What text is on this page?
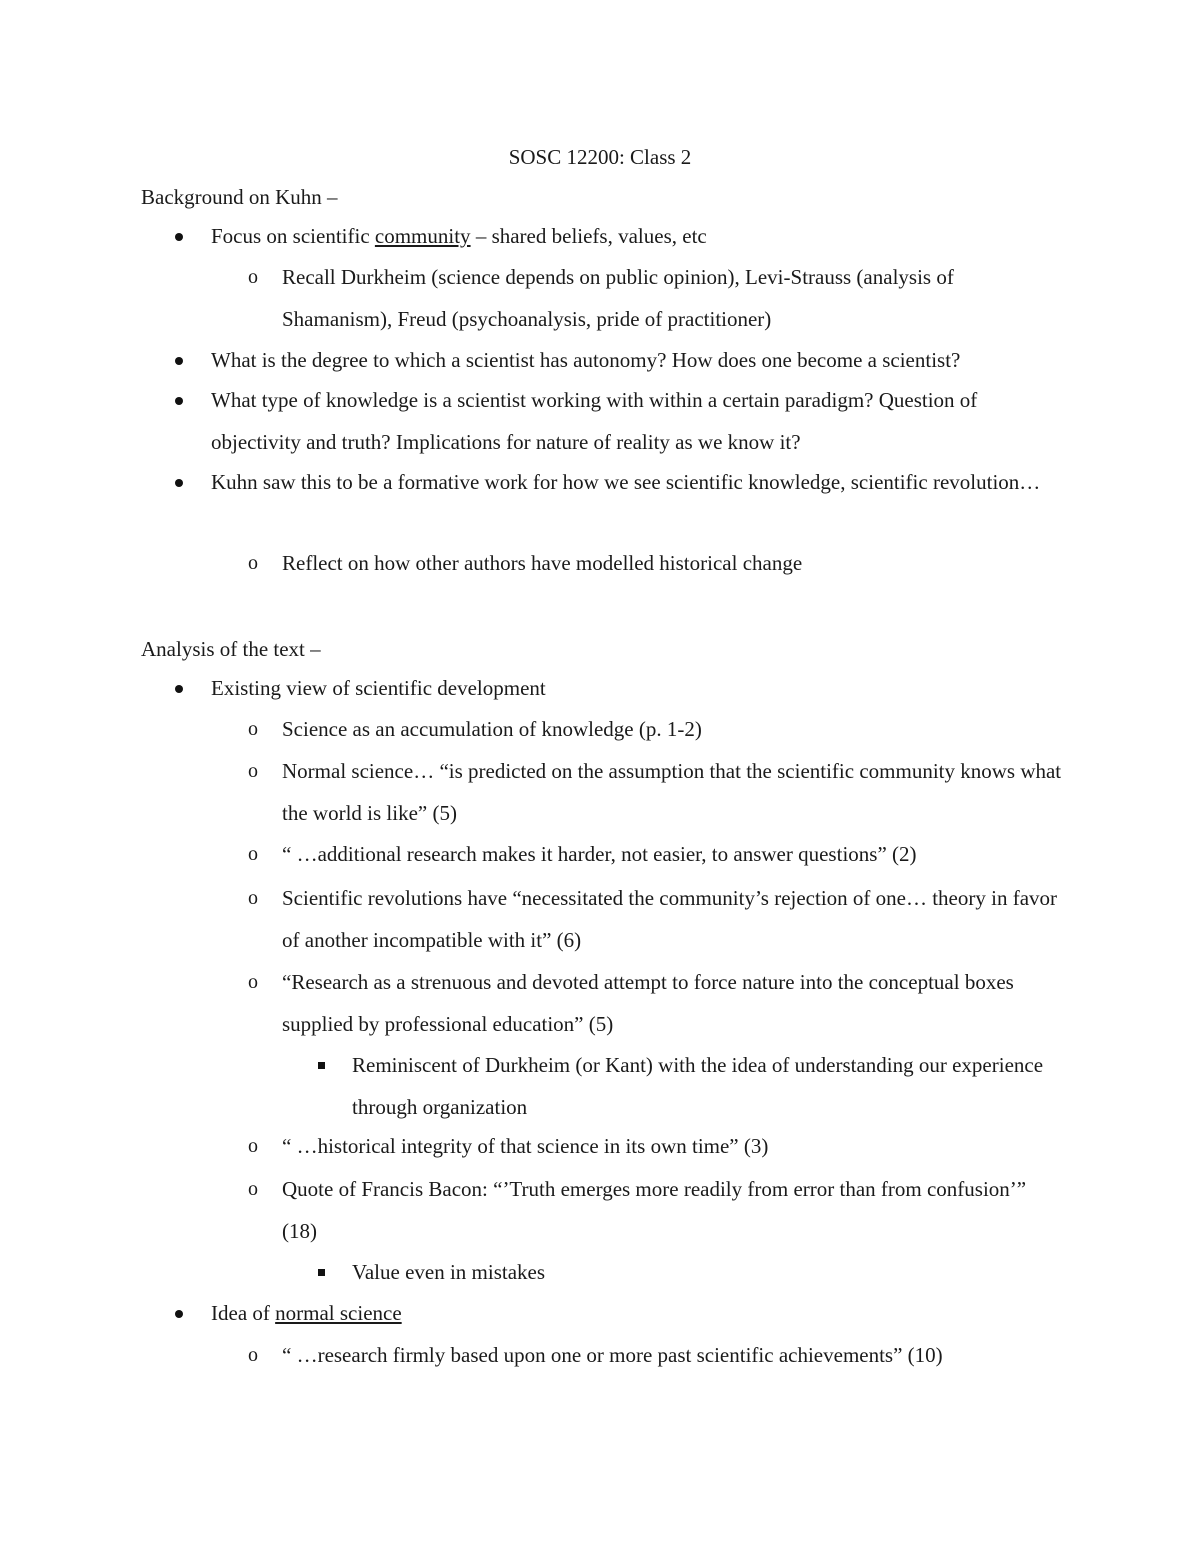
SOSC 12200: Class 2
Background on Kuhn –
Focus on scientific community – shared beliefs, values, etc
o Recall Durkheim (science depends on public opinion), Levi-Strauss (analysis of Shamanism), Freud (psychoanalysis, pride of practitioner)
What is the degree to which a scientist has autonomy? How does one become a scientist?
What type of knowledge is a scientist working with within a certain paradigm? Question of objectivity and truth? Implications for nature of reality as we know it?
Kuhn saw this to be a formative work for how we see scientific knowledge, scientific revolution…
o Reflect on how other authors have modelled historical change
Analysis of the text –
Existing view of scientific development
o Science as an accumulation of knowledge (p. 1-2)
o Normal science… “is predicted on the assumption that the scientific community knows what the world is like” (5)
o “ …additional research makes it harder, not easier, to answer questions” (2)
o Scientific revolutions have “necessitated the community’s rejection of one… theory in favor of another incompatible with it” (6)
o “Research as a strenuous and devoted attempt to force nature into the conceptual boxes supplied by professional education” (5)
Reminiscent of Durkheim (or Kant) with the idea of understanding our experience through organization
o “ …historical integrity of that science in its own time” (3)
o Quote of Francis Bacon: “’Truth emerges more readily from error than from confusion’” (18)
Value even in mistakes
Idea of normal science
o “ …research firmly based upon one or more past scientific achievements” (10)
